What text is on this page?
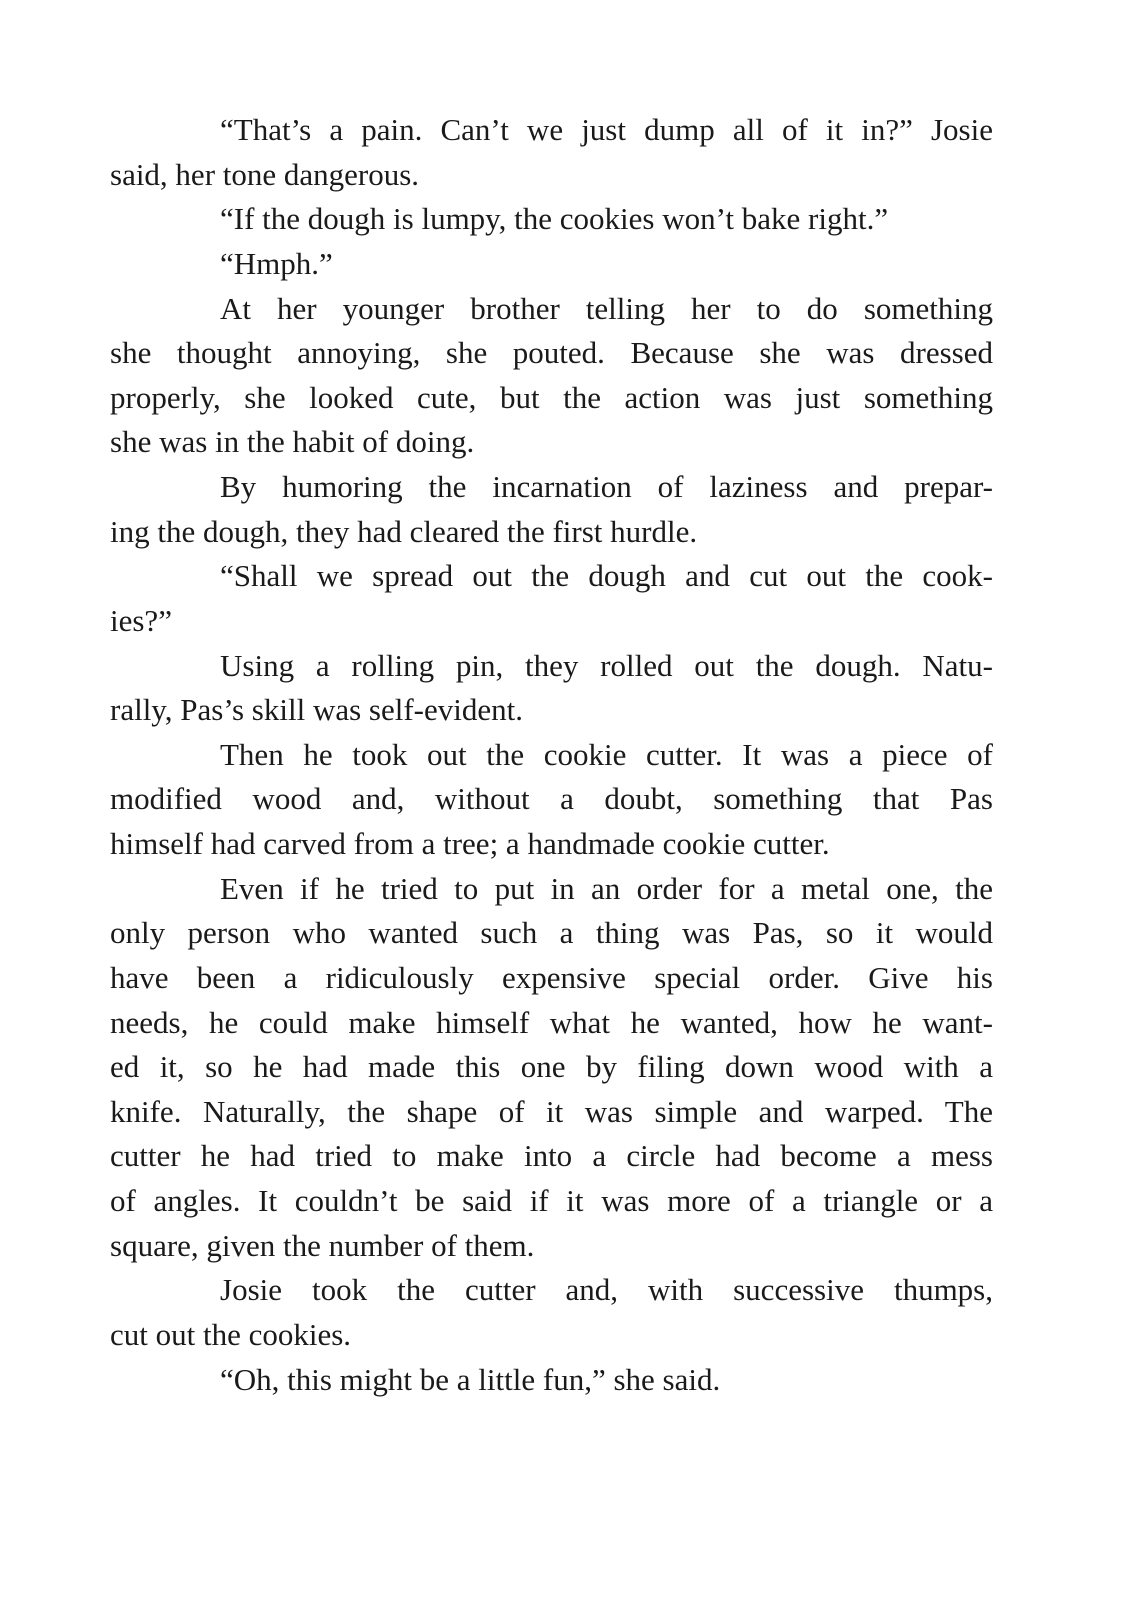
“That’s a pain. Can’t we just dump all of it in?” Josie
said, her tone dangerous.
“If the dough is lumpy, the cookies won’t bake right.”
“Hmph.”
At her younger brother telling her to do something
she thought annoying, she pouted. Because she was dressed
properly, she looked cute, but the action was just something
she was in the habit of doing.
By humoring the incarnation of laziness and prepar-
ing the dough, they had cleared the first hurdle.
“Shall we spread out the dough and cut out the cook-
ies?”
Using a rolling pin, they rolled out the dough. Natu-
rally, Pas’s skill was self-evident.
Then he took out the cookie cutter. It was a piece of
modified wood and, without a doubt, something that Pas
himself had carved from a tree; a handmade cookie cutter.
Even if he tried to put in an order for a metal one, the
only person who wanted such a thing was Pas, so it would
have been a ridiculously expensive special order. Give his
needs, he could make himself what he wanted, how he want-
ed it, so he had made this one by filing down wood with a
knife. Naturally, the shape of it was simple and warped. The
cutter he had tried to make into a circle had become a mess
of angles. It couldn’t be said if it was more of a triangle or a
square, given the number of them.
Josie took the cutter and, with successive thumps,
cut out the cookies.
“Oh, this might be a little fun,” she said.
